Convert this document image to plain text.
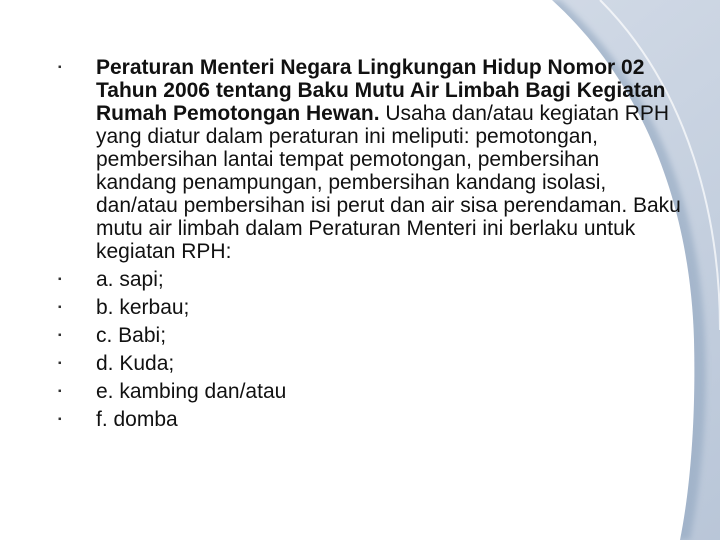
▪	Peraturan Menteri Negara Lingkungan Hidup Nomor 02 Tahun 2006 tentang Baku Mutu Air Limbah Bagi Kegiatan Rumah Pemotongan Hewan. Usaha dan/atau kegiatan RPH yang diatur dalam peraturan ini meliputi: pemotongan, pembersihan lantai tempat pemotongan, pembersihan kandang penampungan, pembersihan kandang isolasi, dan/atau pembersihan isi perut dan air sisa perendaman. Baku mutu air limbah dalam Peraturan Menteri ini berlaku untuk kegiatan RPH:
▪	a. sapi;
▪	b. kerbau;
▪	c. Babi;
▪	d. Kuda;
▪	e. kambing dan/atau
▪	f. domba
